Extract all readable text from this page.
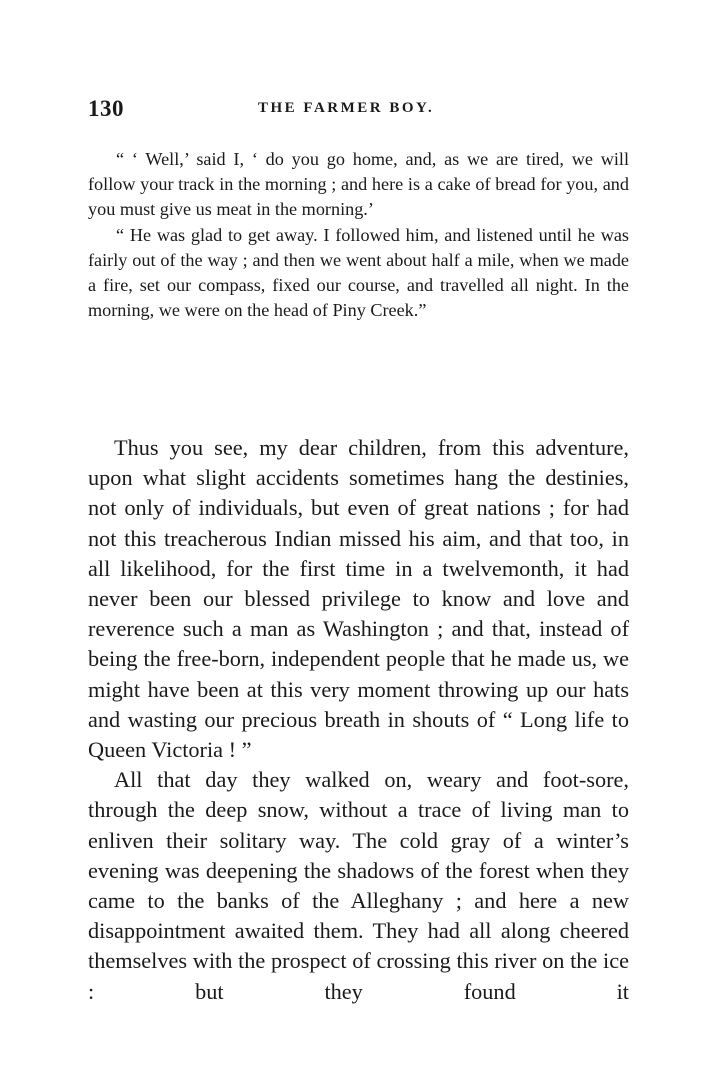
130	THE FARMER BOY.

“ ‘ Well,’ said I, ‘ do you go home, and, as we are tired, we will follow your track in the morning ; and here is a cake of bread for you, and you must give us meat in the morning.’

“ He was glad to get away. I followed him, and listened until he was fairly out of the way ; and then we went about half a mile, when we made a fire, set our compass, fixed our course, and travelled all night. In the morning, we were on the head of Piny Creek.”

Thus you see, my dear children, from this adventure, upon what slight accidents sometimes hang the destinies, not only of individuals, but even of great nations ; for had not this treacherous Indian missed his aim, and that too, in all likelihood, for the first time in a twelvemonth, it had never been our blessed privilege to know and love and reverence such a man as Washington ; and that, instead of being the free-born, independent people that he made us, we might have been at this very moment throwing up our hats and wasting our precious breath in shouts of “ Long life to Queen Victoria ! ”

All that day they walked on, weary and foot-sore, through the deep snow, without a trace of living man to enliven their solitary way. The cold gray of a winter’s evening was deepening the shadows of the forest when they came to the banks of the Alleghany ; and here a new disappointment awaited them. They had all along cheered themselves with the prospect of crossing this river on the ice : but they found it
